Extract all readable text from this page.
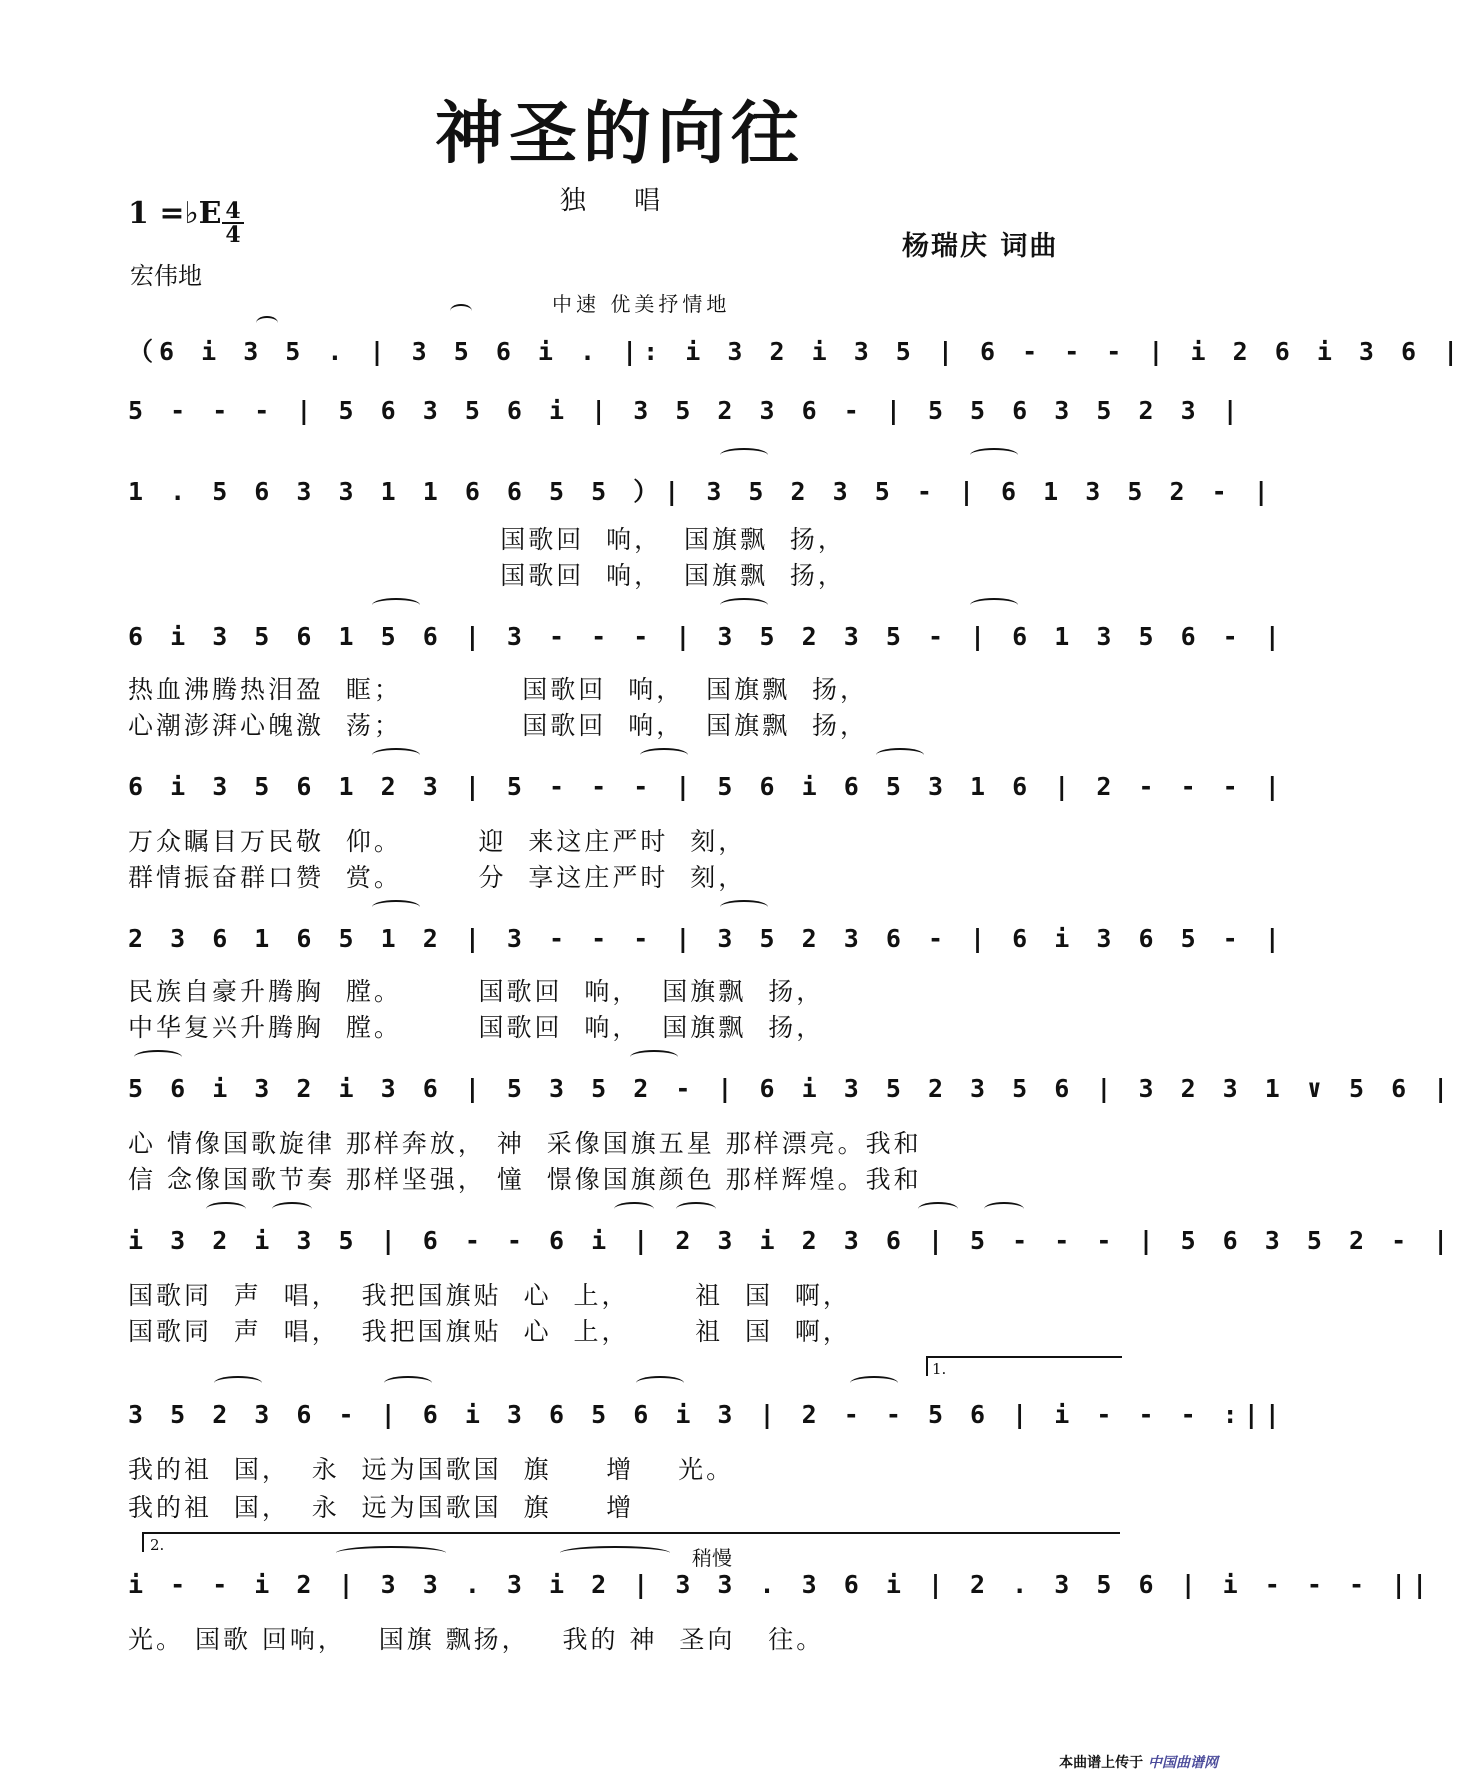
神圣的向往
独 唱
1 =♭E 4
4
宏伟地
杨瑞庆 词曲
中速 优美抒情地
（6 i 3 5 . | 3 5 6 i . |: i 3 2 i 3 5 | 6 - - - | i 2 6 i 3 6 |
5 - - - | 5 6 3 5 6 i | 3 5 2 3 6 - | 5 5 6 3 5 2 3 |
1 . 5 6 3 3 1 1 6 6 5 5 ）| 3 5 2 3 5 - | 6 1 3 5 2 - |
国歌回  响，  国旗飘  扬，
国歌回  响，  国旗飘  扬，
6 i 3 5 6 1 5 6 | 3 - - - | 3 5 2 3 5 - | 6 1 3 5 6 - |
热血沸腾热泪盈  眶；           国歌回  响，  国旗飘  扬，
心潮澎湃心魄激  荡；           国歌回  响，  国旗飘  扬，
6 i 3 5 6 1 2 3 | 5 - - - | 5 6 i 6 5 3 1 6 | 2 - - - |
万众瞩目万民敬  仰。       迎  来这庄严时  刻，
群情振奋群口赞  赏。       分  享这庄严时  刻，
2 3 6 1 6 5 1 2 | 3 - - - | 3 5 2 3 6 - | 6 i 3 6 5 - |
民族自豪升腾胸  膛。       国歌回  响，  国旗飘  扬，
中华复兴升腾胸  膛。       国歌回  响，  国旗飘  扬，
5 6 i 3 2 i 3 6 | 5 3 5 2 - | 6 i 3 5 2 3 5 6 | 3 2 3 1 ∨ 5 6 |
心 情像国歌旋律 那样奔放， 神  采像国旗五星 那样漂亮。我和
信 念像国歌节奏 那样坚强， 憧  憬像国旗颜色 那样辉煌。我和
i 3 2 i 3 5 | 6 - - 6 i | 2 3 i 2 3 6 | 5 - - - | 5 6 3 5 2 - |
国歌同  声  唱，  我把国旗贴  心  上，      祖  国  啊，
国歌同  声  唱，  我把国旗贴  心  上，      祖  国  啊，
1.
3 5 2 3 6 - | 6 i 3 6 5 6 i 3 | 2 - - 5 6 | i - - - :||
我的祖  国，  永  远为国歌国  旗     增    光。
我的祖  国，  永  远为国歌国  旗     增
2.
稍慢
i - - i 2 | 3 3 . 3 i 2 | 3 3 . 3 6 i | 2 . 3 5 6 | i - - - ||
光。 国歌 回响，   国旗 飘扬，   我的 神  圣向   往。
本曲谱上传于 中国曲谱网
